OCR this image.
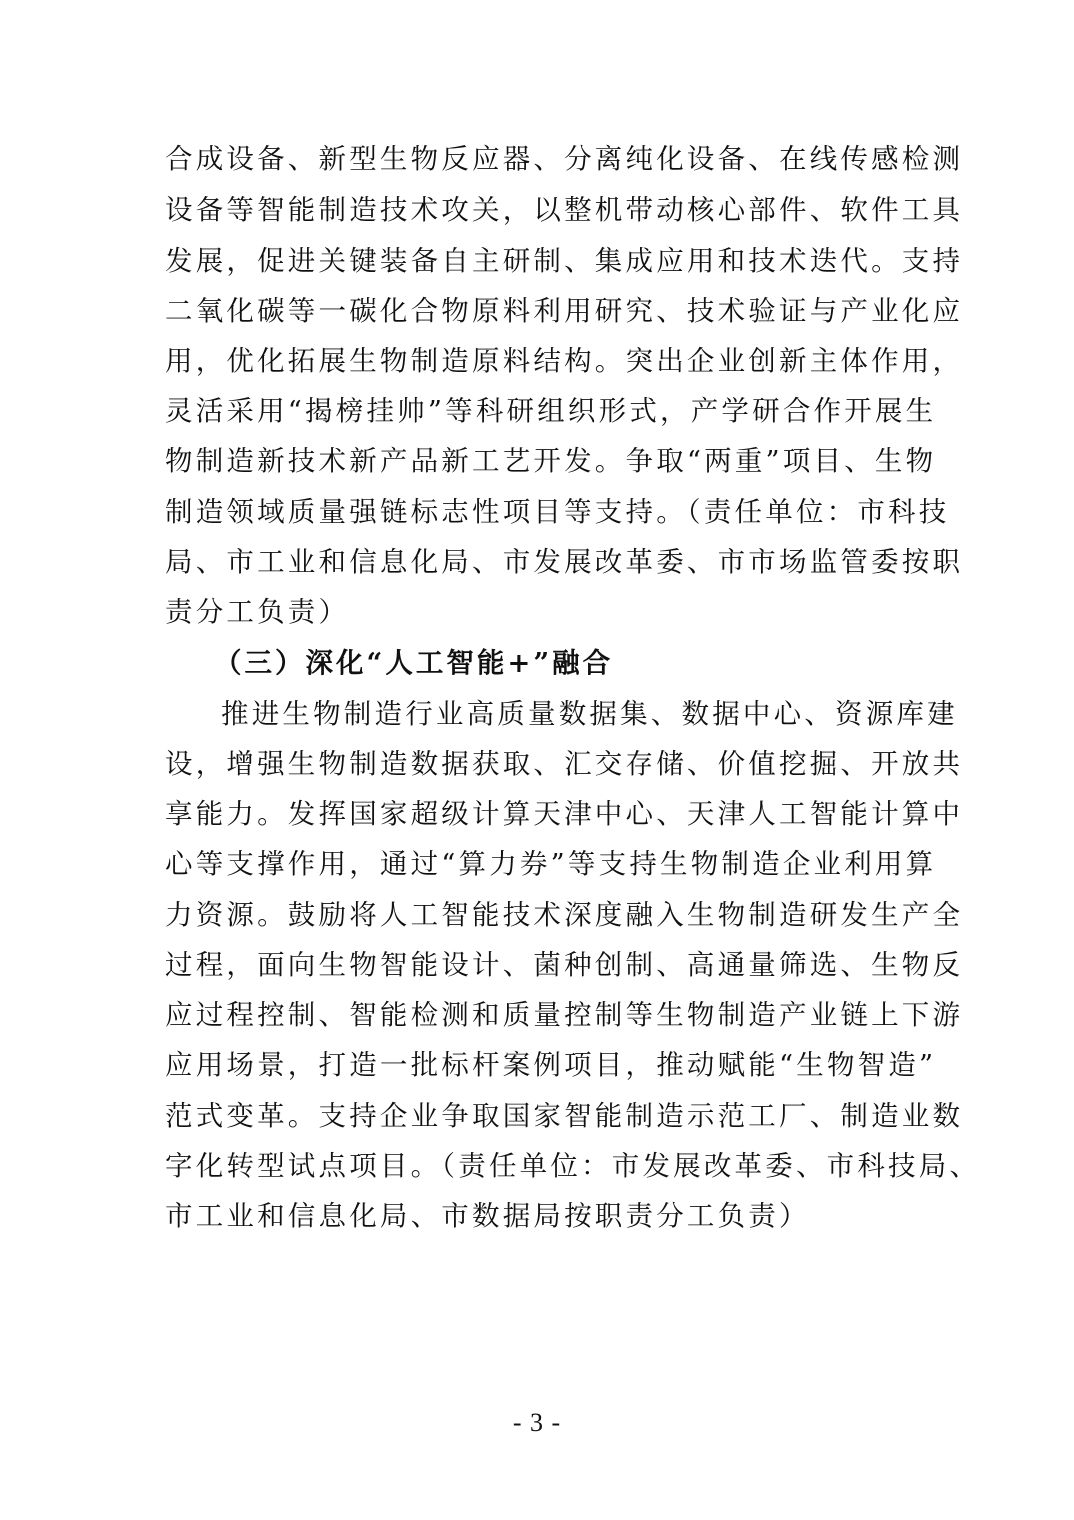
合成设备、新型生物反应器、分离纯化设备、在线传感检测
设备等智能制造技术攻关，以整机带动核心部件、软件工具
发展，促进关键装备自主研制、集成应用和技术迭代。支持
二氧化碳等一碳化合物原料利用研究、技术验证与产业化应
用，优化拓展生物制造原料结构。突出企业创新主体作用，
灵活采用“揭榜挂帅”等科研组织形式，产学研合作开展生
物制造新技术新产品新工艺开发。争取“两重”项目、生物
制造领域质量强链标志性项目等支持。（责任单位：市科技
局、市工业和信息化局、市发展改革委、市市场监管委按职
责分工负责）
（三）深化“人工智能+”融合
推进生物制造行业高质量数据集、数据中心、资源库建
设，增强生物制造数据获取、汇交存储、价值挖掘、开放共
享能力。发挥国家超级计算天津中心、天津人工智能计算中
心等支撑作用，通过“算力券”等支持生物制造企业利用算
力资源。鼓励将人工智能技术深度融入生物制造研发生产全
过程，面向生物智能设计、菌种创制、高通量筛选、生物反
应过程控制、智能检测和质量控制等生物制造产业链上下游
应用场景，打造一批标杆案例项目，推动赋能“生物智造”
范式变革。支持企业争取国家智能制造示范工厂、制造业数
字化转型试点项目。（责任单位：市发展改革委、市科技局、
市工业和信息化局、市数据局按职责分工负责）
- 3 -
